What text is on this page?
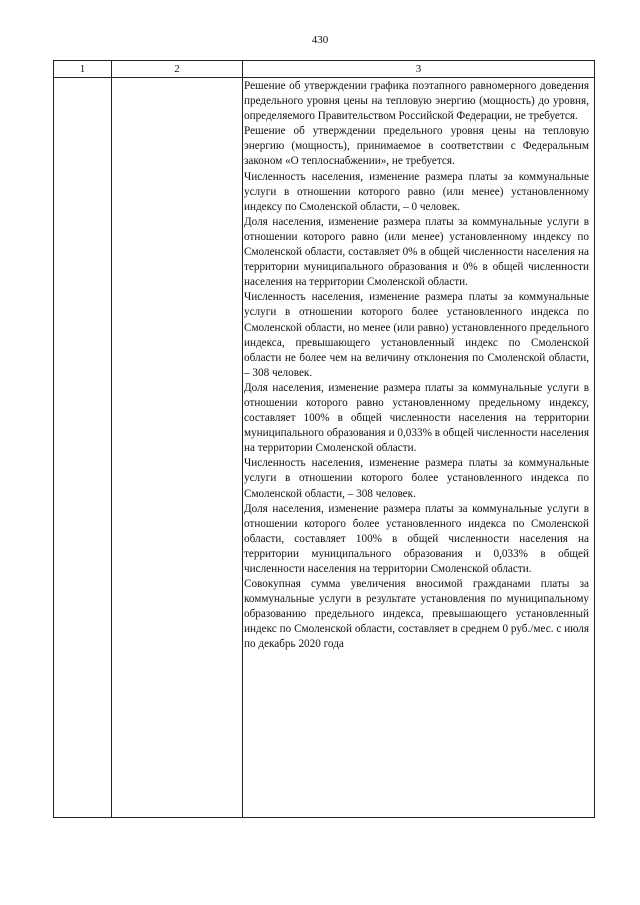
430
1	2	3

Решение об утверждении графика поэтапного равномерного доведения предельного уровня цены на тепловую энергию (мощность) до уровня, определяемого Правительством Российской Федерации, не требуется.

Решение об утверждении предельного уровня цены на тепловую энергию (мощность), принимаемое в соответствии с Федеральным законом «О теплоснабжении», не требуется.

Численность населения, изменение размера платы за коммунальные услуги в отношении которого равно (или менее) установленному индексу по Смоленской области, – 0 человек.

Доля населения, изменение размера платы за коммунальные услуги в отношении которого равно (или менее) установленному индексу по Смоленской области, составляет 0% в общей численности населения на территории муниципального образования и 0% в общей численности населения на территории Смоленской области.

Численность населения, изменение размера платы за коммунальные услуги в отношении которого более установленного индекса по Смоленской области, но менее (или равно) установленного предельного индекса, превышающего установленный индекс по Смоленской области не более чем на величину отклонения по Смоленской области, – 308 человек.

Доля населения, изменение размера платы за коммунальные услуги в отношении которого равно установленному предельному индексу, составляет 100% в общей численности населения на территории муниципального образования и 0,033% в общей численности населения на территории Смоленской области.

Численность населения, изменение размера платы за коммунальные услуги в отношении которого более установленного индекса по Смоленской области, – 308 человек.

Доля населения, изменение размера платы за коммунальные услуги в отношении которого более установленного индекса по Смоленской области, составляет 100% в общей численности населения на территории муниципального образования и 0,033% в общей численности населения на территории Смоленской области.

Совокупная сумма увеличения вносимой гражданами платы за коммунальные услуги в результате установления по муниципальному образованию предельного индекса, превышающего установленный индекс по Смоленской области, составляет в среднем 0 руб./мес. с июля по декабрь 2020 года
